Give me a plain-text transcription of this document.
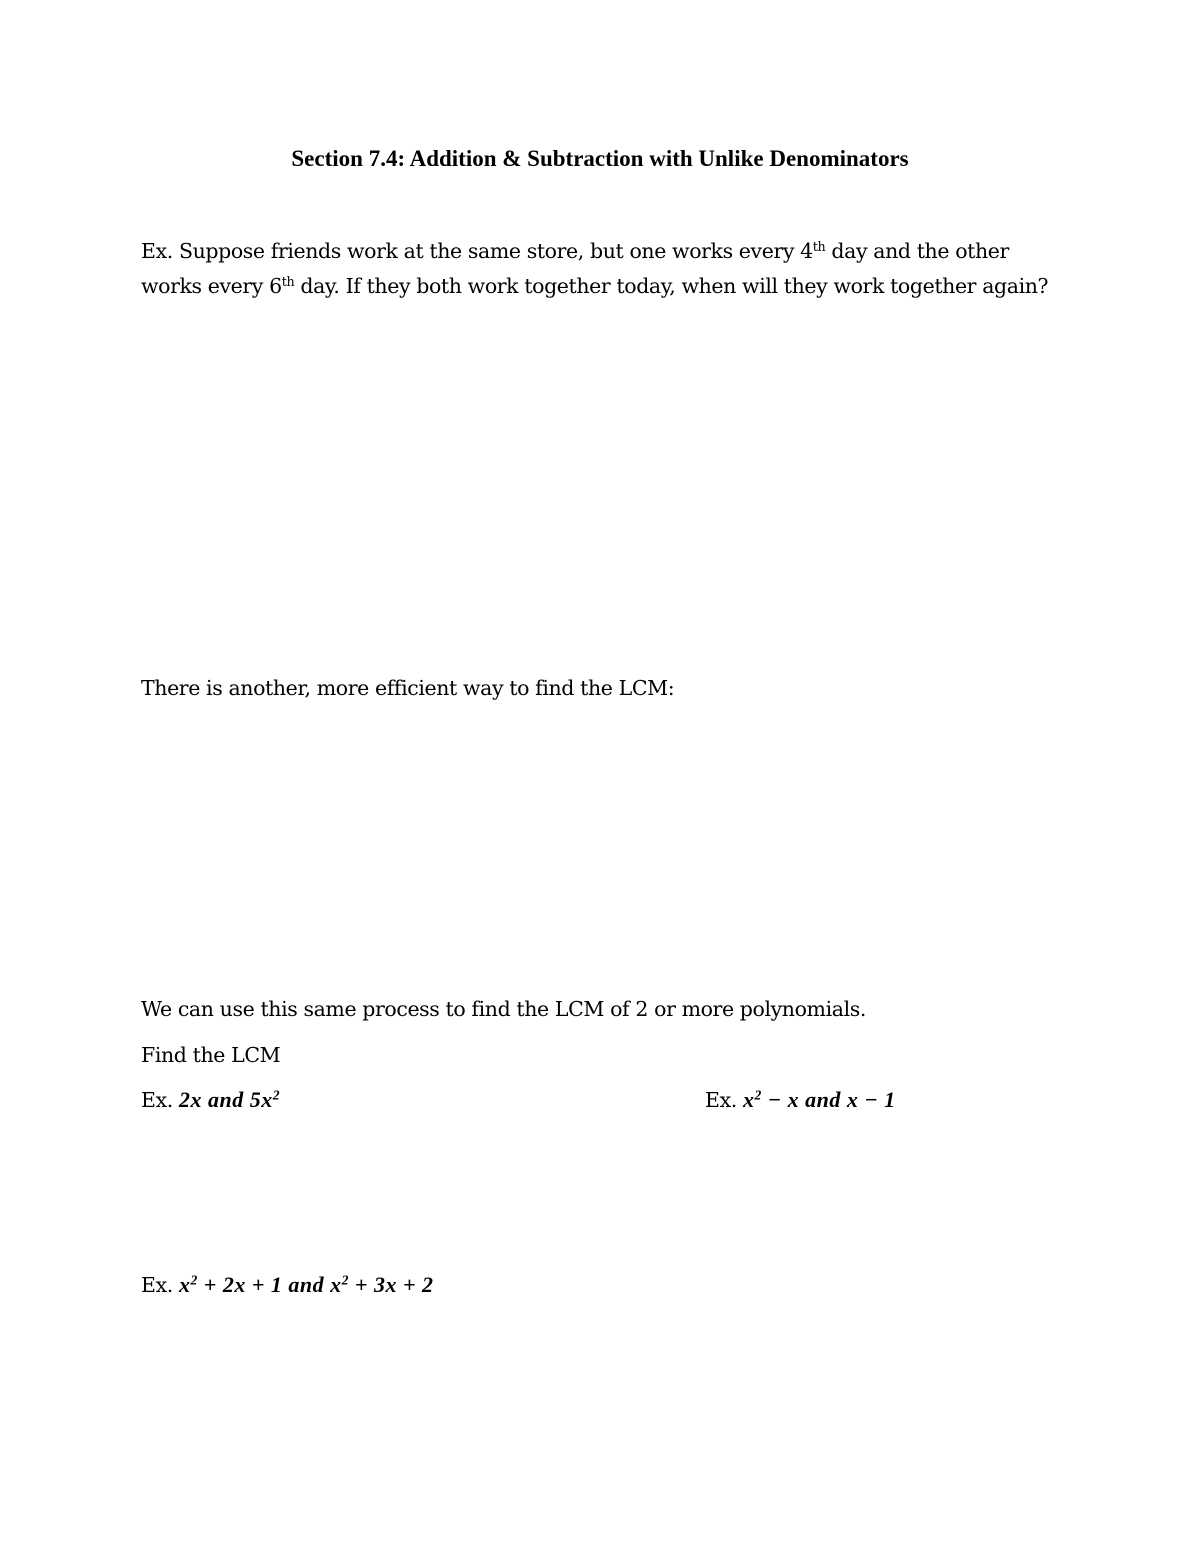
Section 7.4: Addition & Subtraction with Unlike Denominators
Ex. Suppose friends work at the same store, but one works every 4th day and the other works every 6th day. If they both work together today, when will they work together again?
There is another, more efficient way to find the LCM:
We can use this same process to find the LCM of 2 or more polynomials.
Find the LCM
Ex. 2x and $5x^2$	Ex. $x^2 - x$ and x − 1
Ex. $x^2 + 2x + 1$ and $x^2 + 3x + 2$
